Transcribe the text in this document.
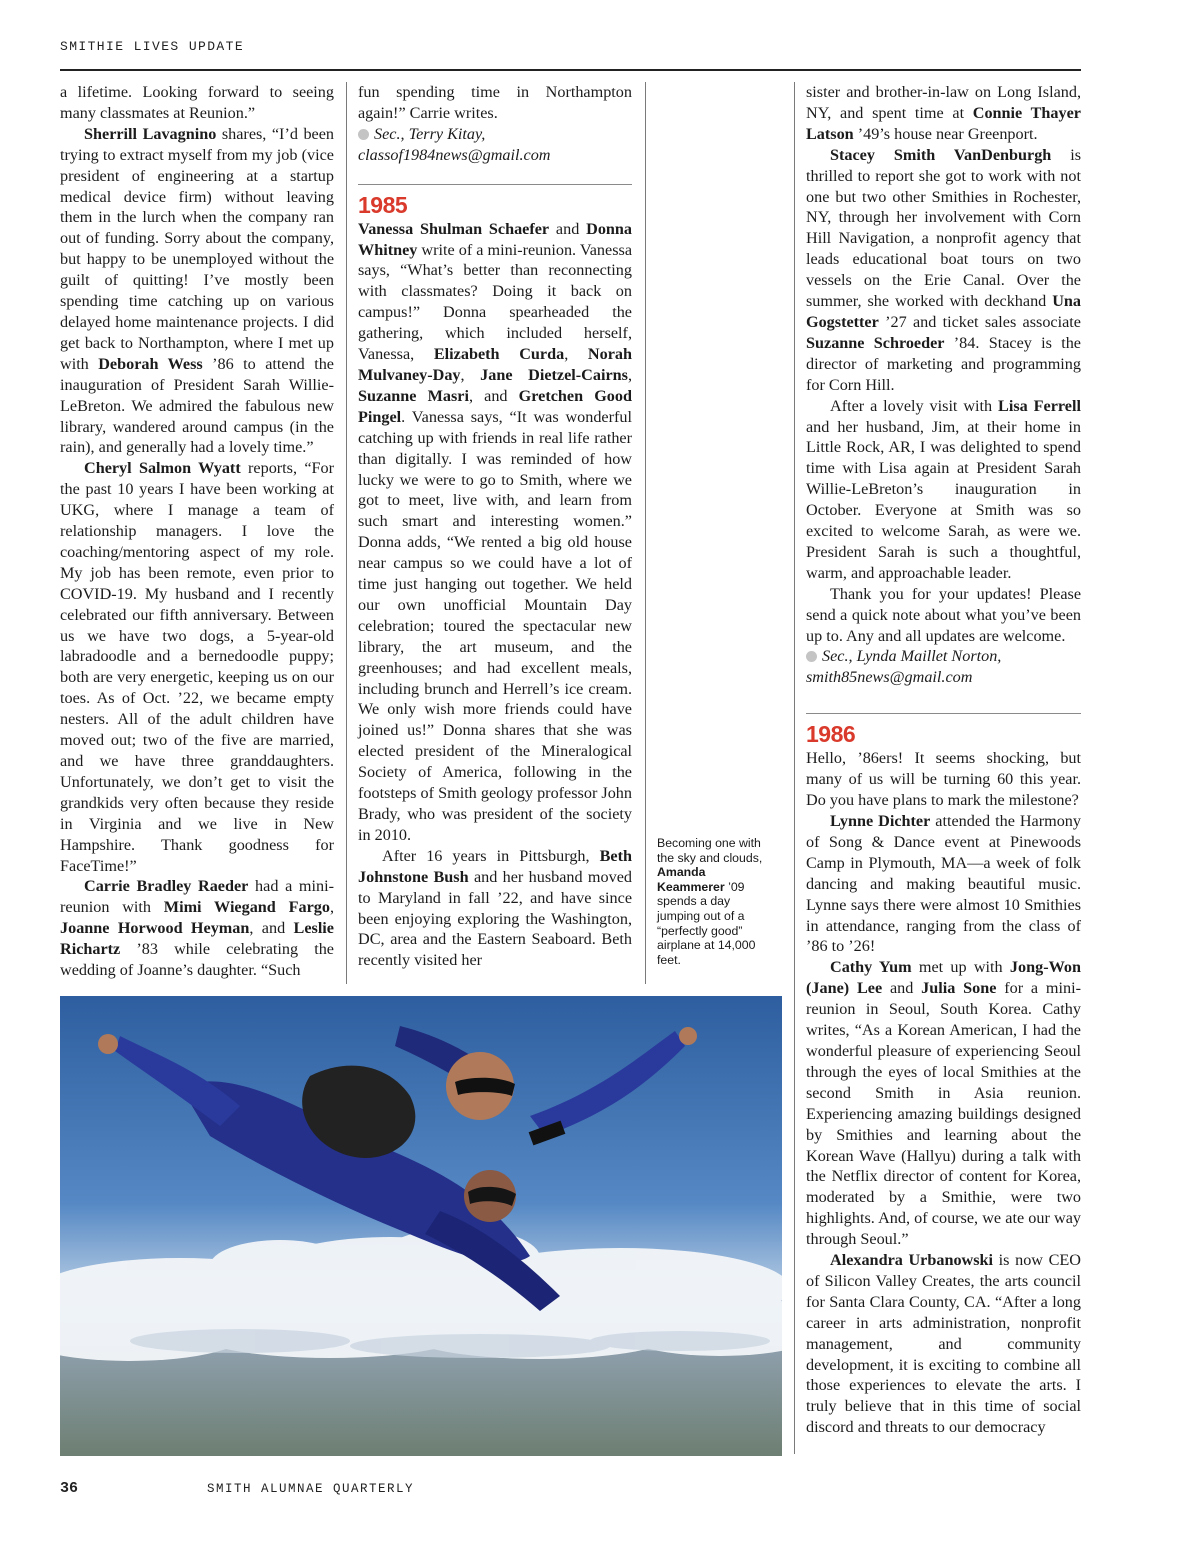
SMITHIE LIVES UPDATE

a lifetime. Looking forward to seeing many classmates at Reunion.”

Sherrill Lavagnino shares, “I’d been trying to extract myself from my job (vice president of engineering at a startup medical device firm) without leaving them in the lurch when the company ran out of funding. Sorry about the company, but happy to be unemployed without the guilt of quitting! I’ve mostly been spending time catching up on various delayed home maintenance projects. I did get back to Northampton, where I met up with Deborah Wess ’86 to attend the inauguration of President Sarah Willie-LeBreton. We admired the fabulous new library, wandered around campus (in the rain), and generally had a lovely time.”

Cheryl Salmon Wyatt reports, “For the past 10 years I have been working at UKG, where I manage a team of relationship managers. I love the coaching/mentoring aspect of my role. My job has been remote, even prior to COVID-19. My husband and I recently celebrated our fifth anniversary. Between us we have two dogs, a 5-year-old labradoodle and a bernedoodle puppy; both are very energetic, keeping us on our toes. As of Oct. ’22, we became empty nesters. All of the adult children have moved out; two of the five are married, and we have three granddaughters. Unfortunately, we don’t get to visit the grandkids very often because they reside in Virginia and we live in New Hampshire. Thank goodness for FaceTime!”

Carrie Bradley Raeder had a mini-reunion with Mimi Wiegand Fargo, Joanne Horwood Heyman, and Leslie Richartz ’83 while celebrating the wedding of Joanne’s daughter. “Such

fun spending time in Northampton again!” Carrie writes.

Sec., Terry Kitay,
classof1984news@gmail.com

1985

Vanessa Shulman Schaefer and Donna Whitney write of a mini-reunion. Vanessa says, “What’s better than reconnecting with classmates? Doing it back on campus!” Donna spearheaded the gathering, which included herself, Vanessa, Elizabeth Curda, Norah Mulvaney-Day, Jane Dietzel-Cairns, Suzanne Masri, and Gretchen Good Pingel. Vanessa says, “It was wonderful catching up with friends in real life rather than digitally. I was reminded of how lucky we were to go to Smith, where we got to meet, live with, and learn from such smart and interesting women.” Donna adds, “We rented a big old house near campus so we could have a lot of time just hanging out together. We held our own unofficial Mountain Day celebration; toured the spectacular new library, the art museum, and the greenhouses; and had excellent meals, including brunch and Herrell’s ice cream. We only wish more friends could have joined us!” Donna shares that she was elected president of the Mineralogical Society of America, following in the footsteps of Smith geology professor John Brady, who was president of the society in 2010.

After 16 years in Pittsburgh, Beth Johnstone Bush and her husband moved to Maryland in fall ’22, and have since been enjoying exploring the Washington, DC, area and the Eastern Seaboard. Beth recently visited her

Becoming one with the sky and clouds, Amanda Keammerer ’09 spends a day jumping out of a “perfectly good” airplane at 14,000 feet.

sister and brother-in-law on Long Island, NY, and spent time at Connie Thayer Latson ’49’s house near Greenport.

Stacey Smith VanDenburgh is thrilled to report she got to work with not one but two other Smithies in Rochester, NY, through her involvement with Corn Hill Navigation, a nonprofit agency that leads educational boat tours on two vessels on the Erie Canal. Over the summer, she worked with deckhand Una Gogstetter ’27 and ticket sales associate Suzanne Schroeder ’84. Stacey is the director of marketing and programming for Corn Hill.

After a lovely visit with Lisa Ferrell and her husband, Jim, at their home in Little Rock, AR, I was delighted to spend time with Lisa again at President Sarah Willie-LeBreton’s inauguration in October. Everyone at Smith was so excited to welcome Sarah, as were we. President Sarah is such a thoughtful, warm, and approachable leader.

Thank you for your updates! Please send a quick note about what you’ve been up to. Any and all updates are welcome.

Sec., Lynda Maillet Norton,
smith85news@gmail.com

1986

Hello, ’86ers! It seems shocking, but many of us will be turning 60 this year. Do you have plans to mark the milestone?

Lynne Dichter attended the Harmony of Song & Dance event at Pinewoods Camp in Plymouth, MA—a week of folk dancing and making beautiful music. Lynne says there were almost 10 Smithies in attendance, ranging from the class of ’86 to ’26!

Cathy Yum met up with Jong-Won (Jane) Lee and Julia Sone for a mini-reunion in Seoul, South Korea. Cathy writes, “As a Korean American, I had the wonderful pleasure of experiencing Seoul through the eyes of local Smithies at the second Smith in Asia reunion. Experiencing amazing buildings designed by Smithies and learning about the Korean Wave (Hallyu) during a talk with the Netflix director of content for Korea, moderated by a Smithie, were two highlights. And, of course, we ate our way through Seoul.”

Alexandra Urbanowski is now CEO of Silicon Valley Creates, the arts council for Santa Clara County, CA. “After a long career in arts administration, nonprofit management, and community development, it is exciting to combine all those experiences to elevate the arts. I truly believe that in this time of social discord and threats to our democracy

36	SMITH ALUMNAE QUARTERLY
